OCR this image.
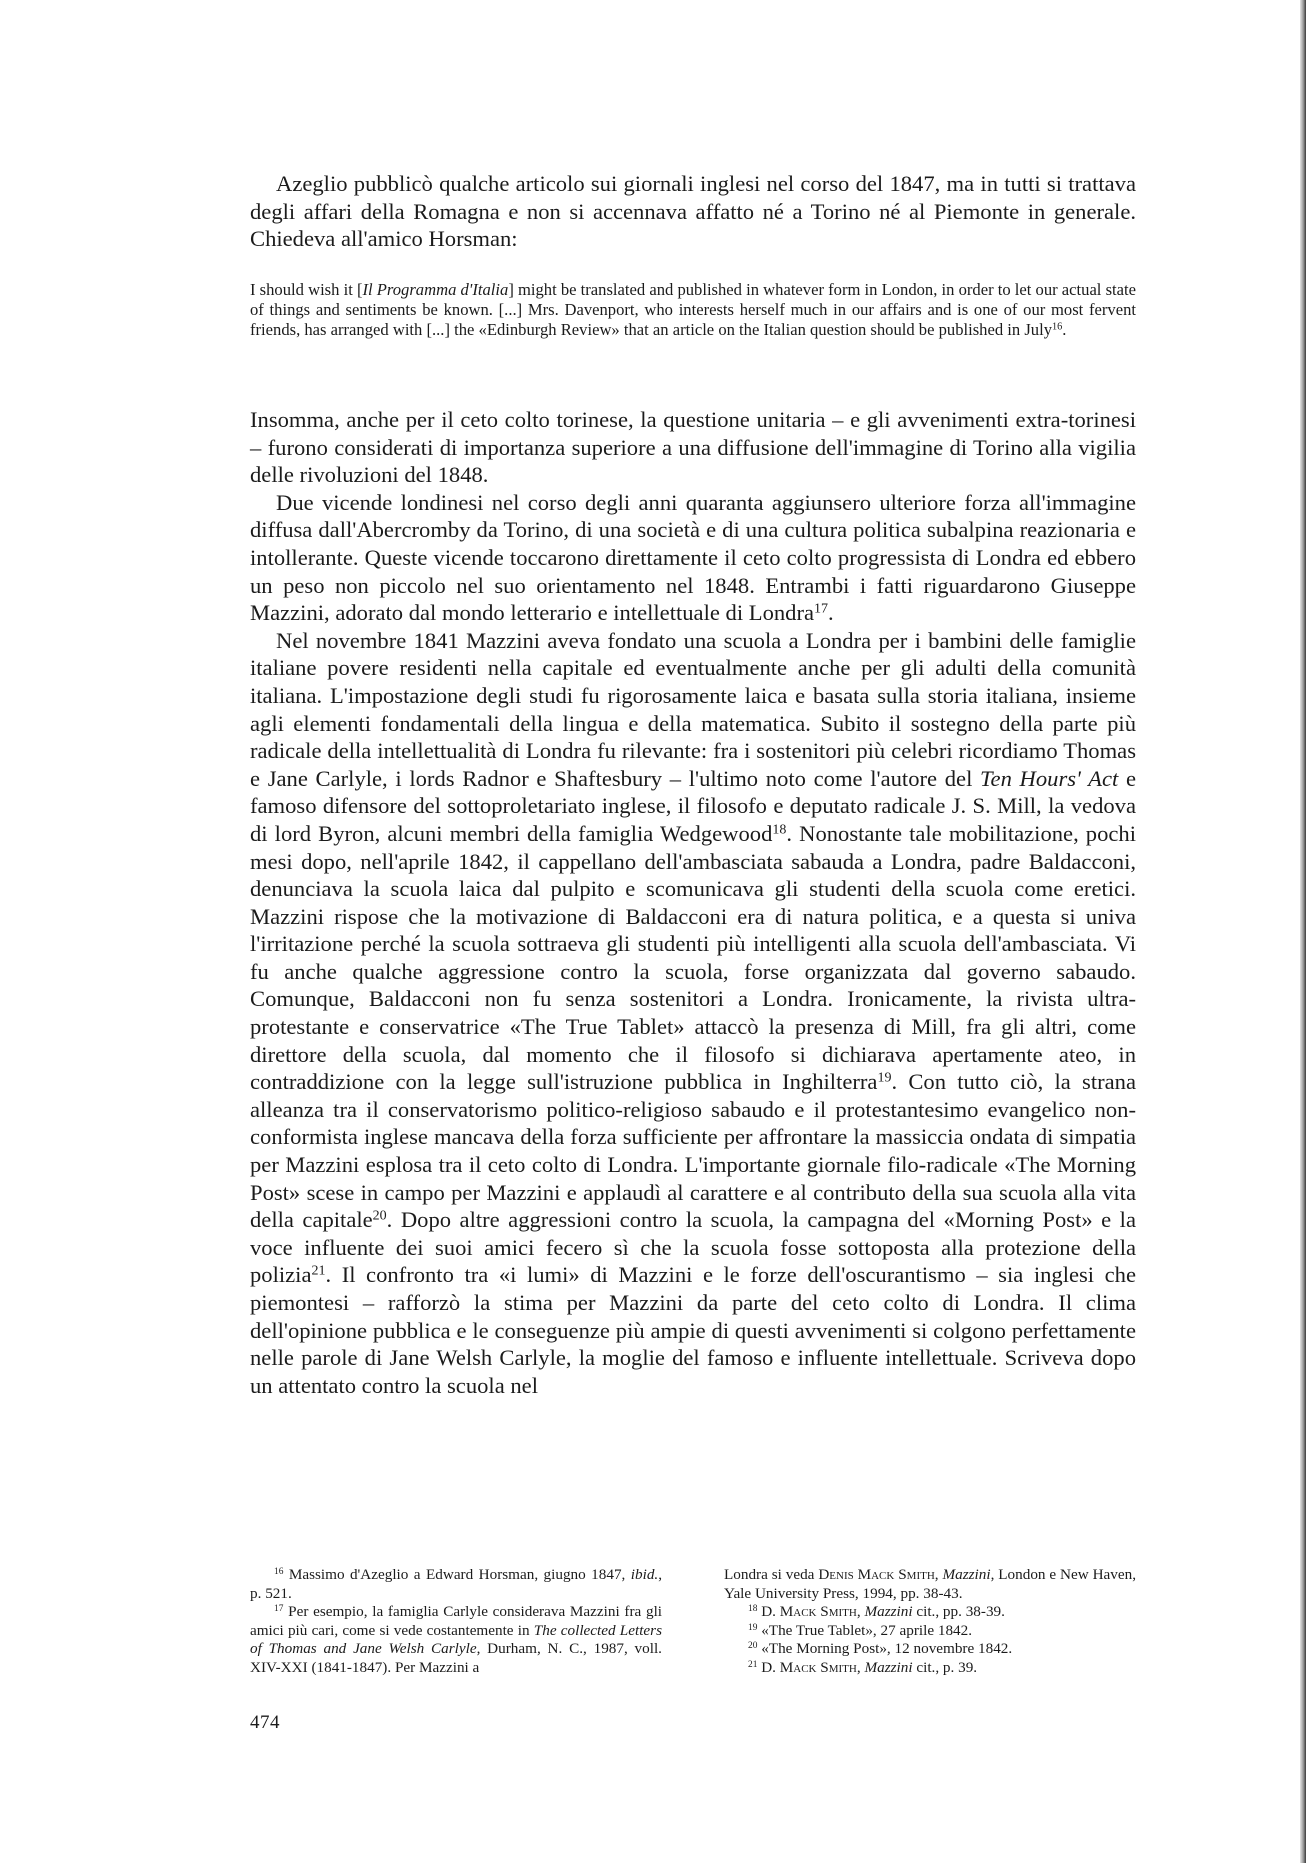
Azeglio pubblicò qualche articolo sui giornali inglesi nel corso del 1847, ma in tutti si trattava degli affari della Romagna e non si accennava affatto né a Torino né al Piemonte in generale. Chiedeva all'amico Horsman:

I should wish it [Il Programma d'Italia] might be translated and published in whatever form in London, in order to let our actual state of things and sentiments be known. [...] Mrs. Davenport, who interests herself much in our affairs and is one of our most fervent friends, has arranged with [...] the «Edinburgh Review» that an article on the Italian question should be published in July$^{16}$.

Insomma, anche per il ceto colto torinese, la questione unitaria – e gli avvenimenti extra-torinesi – furono considerati di importanza superiore a una diffusione dell'immagine di Torino alla vigilia delle rivoluzioni del 1848.

Due vicende londinesi nel corso degli anni quaranta aggiunsero ulteriore forza all'immagine diffusa dall'Abercromby da Torino, di una società e di una cultura politica subalpina reazionaria e intollerante. Queste vicende toccarono direttamente il ceto colto progressista di Londra ed ebbero un peso non piccolo nel suo orientamento nel 1848. Entrambi i fatti riguardarono Giuseppe Mazzini, adorato dal mondo letterario e intellettuale di Londra$^{17}$.

Nel novembre 1841 Mazzini aveva fondato una scuola a Londra per i bambini delle famiglie italiane povere residenti nella capitale ed eventualmente anche per gli adulti della comunità italiana. L'impostazione degli studi fu rigorosamente laica e basata sulla storia italiana, insieme agli elementi fondamentali della lingua e della matematica. Subito il sostegno della parte più radicale della intellettualità di Londra fu rilevante: fra i sostenitori più celebri ricordiamo Thomas e Jane Carlyle, i lords Radnor e Shaftesbury – l'ultimo noto come l'autore del Ten Hours' Act e famoso difensore del sottoproletariato inglese, il filosofo e deputato radicale J. S. Mill, la vedova di lord Byron, alcuni membri della famiglia Wedgewood$^{18}$. Nonostante tale mobilitazione, pochi mesi dopo, nell'aprile 1842, il cappellano dell'ambasciata sabauda a Londra, padre Baldacconi, denunciava la scuola laica dal pulpito e scomunicava gli studenti della scuola come eretici. Mazzini rispose che la motivazione di Baldacconi era di natura politica, e a questa si univa l'irritazione perché la scuola sottraeva gli studenti più intelligenti alla scuola dell'ambasciata. Vi fu anche qualche aggressione contro la scuola, forse organizzata dal governo sabaudo. Comunque, Baldacconi non fu senza sostenitori a Londra. Ironicamente, la rivista ultra-protestante e conservatrice «The True Tablet» attaccò la presenza di Mill, fra gli altri, come direttore della scuola, dal momento che il filosofo si dichiarava apertamente ateo, in contraddizione con la legge sull'istruzione pubblica in Inghilterra$^{19}$. Con tutto ciò, la strana alleanza tra il conservatorismo politico-religioso sabaudo e il protestantesimo evangelico non-conformista inglese mancava della forza sufficiente per affrontare la massiccia ondata di simpatia per Mazzini esplosa tra il ceto colto di Londra. L'importante giornale filo-radicale «The Morning Post» scese in campo per Mazzini e applaudì al carattere e al contributo della sua scuola alla vita della capitale$^{20}$. Dopo altre aggressioni contro la scuola, la campagna del «Morning Post» e la voce influente dei suoi amici fecero sì che la scuola fosse sottoposta alla protezione della polizia$^{21}$. Il confronto tra «i lumi» di Mazzini e le forze dell'oscurantismo – sia inglesi che piemontesi – rafforzò la stima per Mazzini da parte del ceto colto di Londra. Il clima dell'opinione pubblica e le conseguenze più ampie di questi avvenimenti si colgono perfettamente nelle parole di Jane Welsh Carlyle, la moglie del famoso e influente intellettuale. Scriveva dopo un attentato contro la scuola nel

$^{16}$ Massimo d'Azeglio a Edward Horsman, giugno 1847, ibid., p. 521.

$^{17}$ Per esempio, la famiglia Carlyle considerava Mazzini fra gli amici più cari, come si vede costantemente in The collected Letters of Thomas and Jane Welsh Carlyle, Durham, N. C., 1987, voll. XIV-XXI (1841-1847). Per Mazzini a

Londra si veda Denis Mack Smith, Mazzini, London e New Haven, Yale University Press, 1994, pp. 38-43.

$^{18}$ D. Mack Smith, Mazzini cit., pp. 38-39.

$^{19}$ «The True Tablet», 27 aprile 1842.

$^{20}$ «The Morning Post», 12 novembre 1842.

$^{21}$ D. Mack Smith, Mazzini cit., p. 39.

474
